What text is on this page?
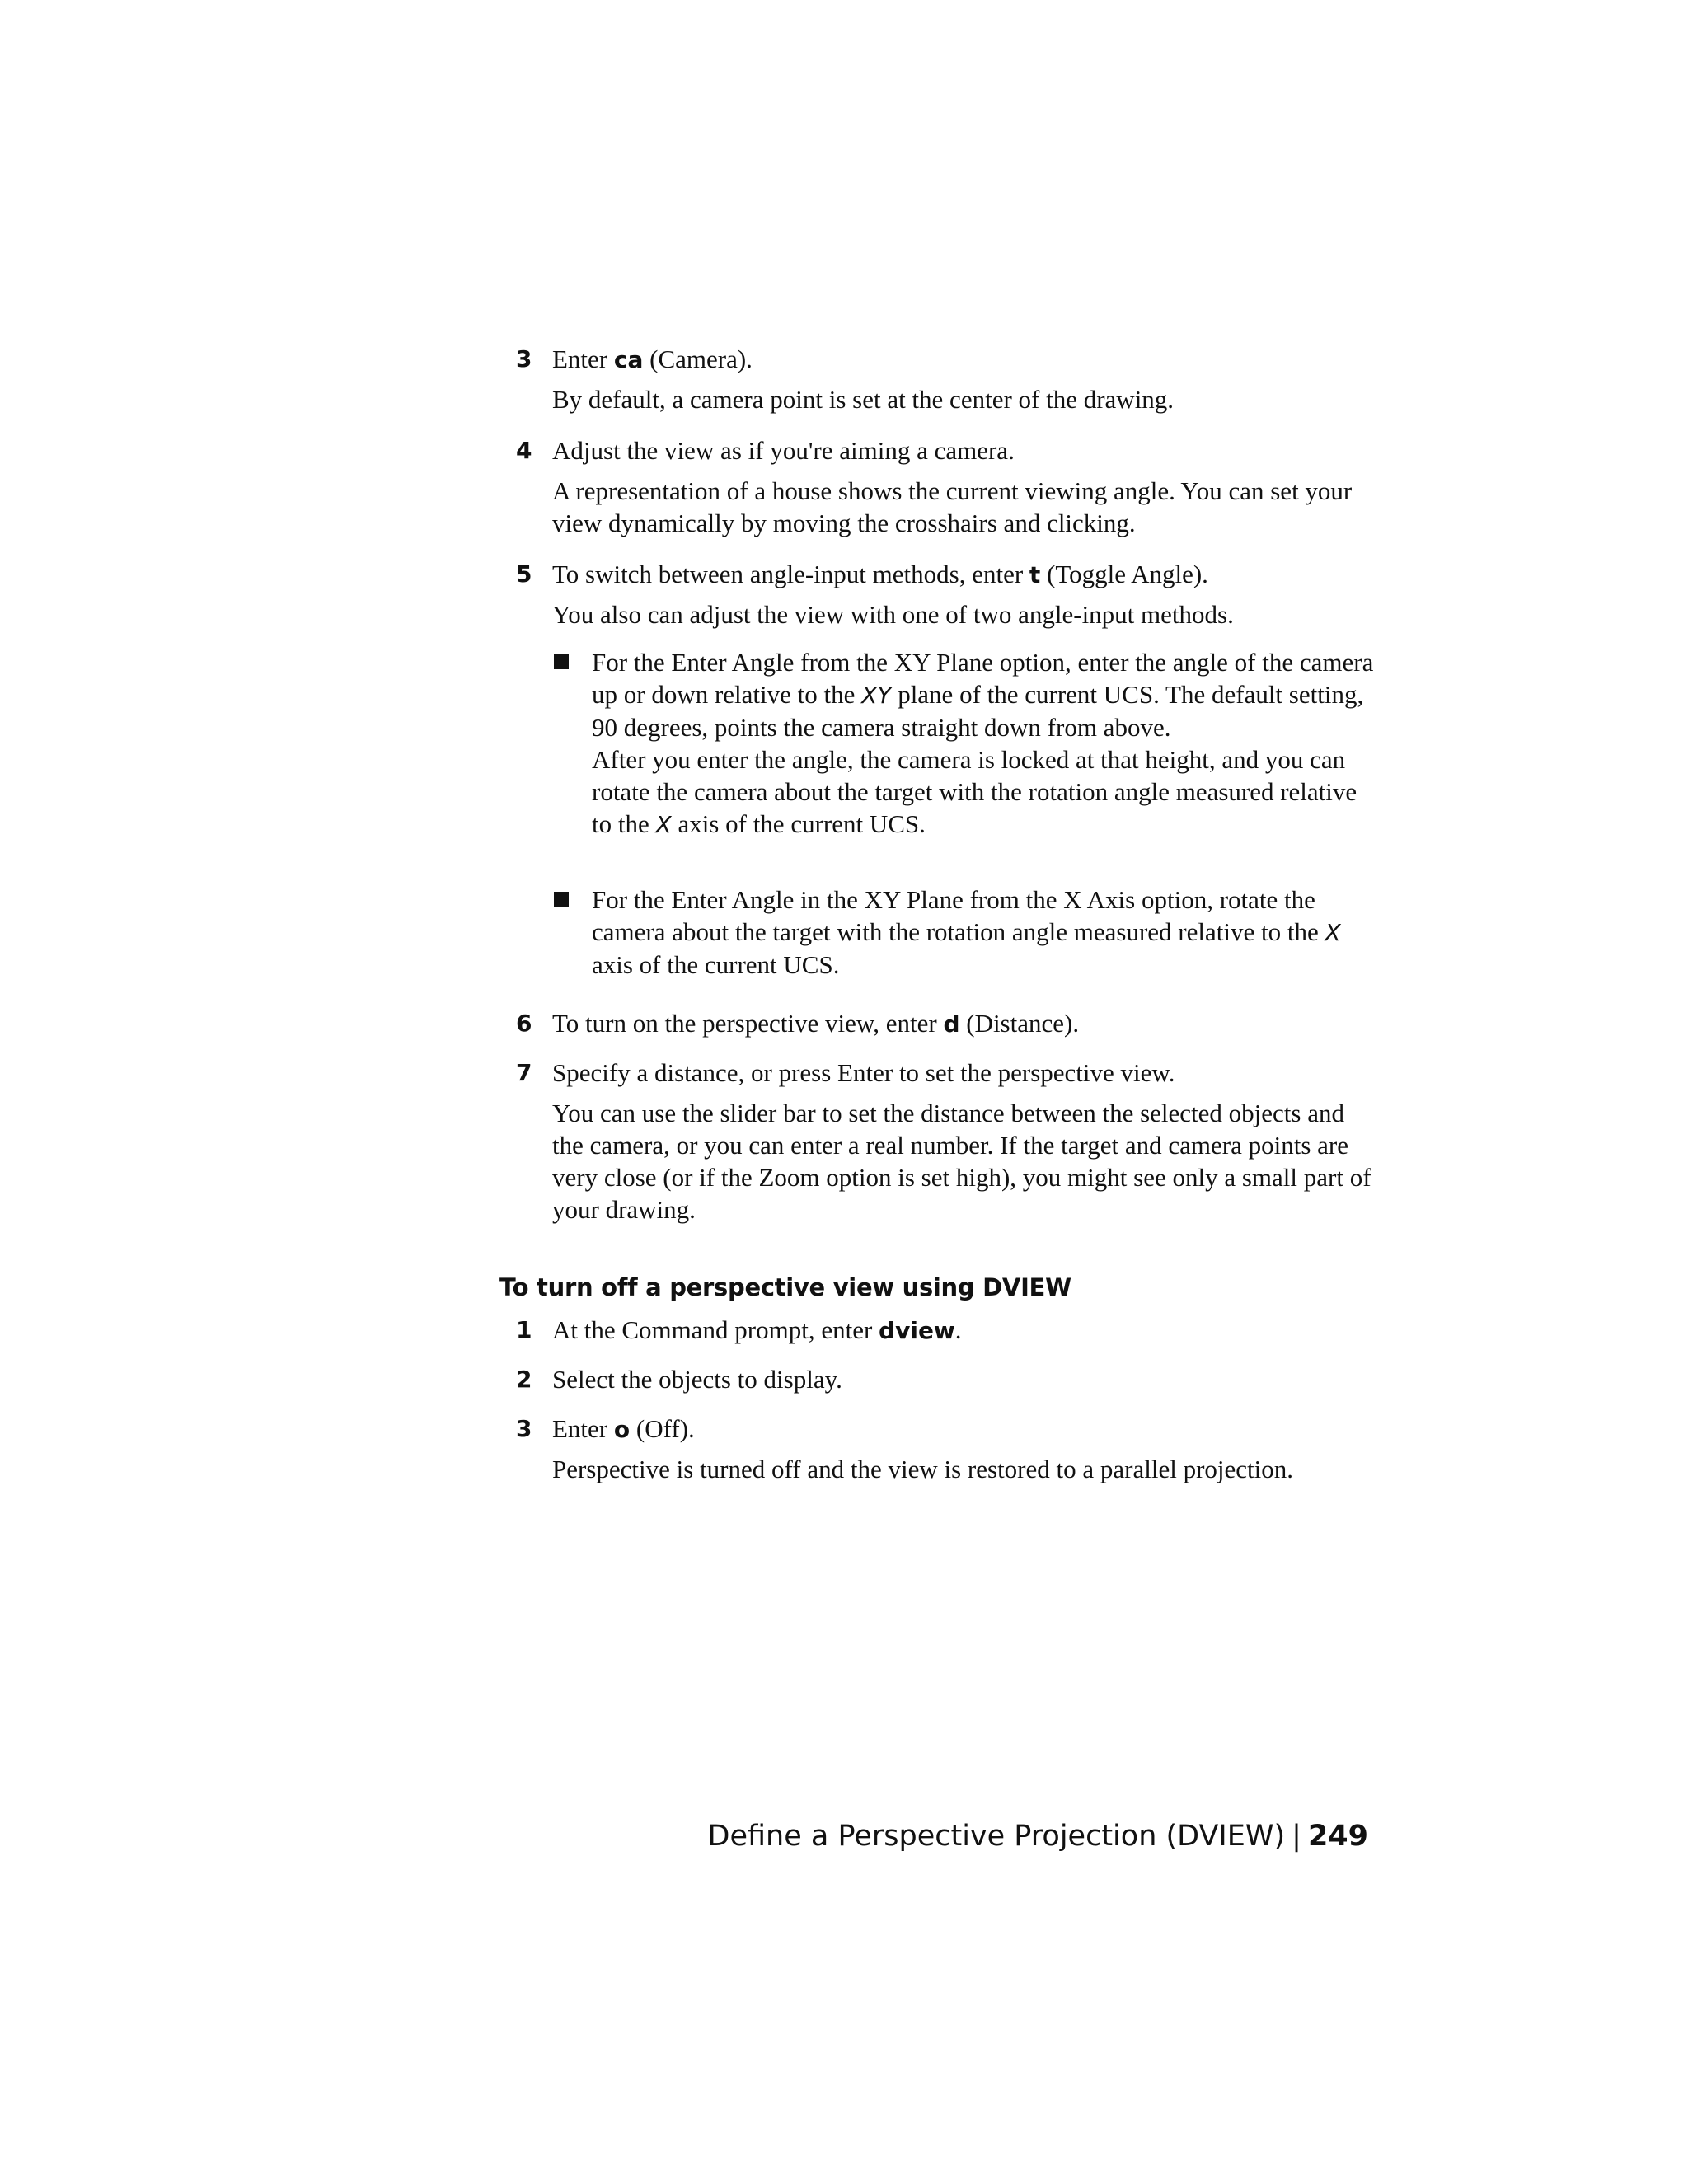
3 Enter ca (Camera).
By default, a camera point is set at the center of the drawing.
4 Adjust the view as if you're aiming a camera.
A representation of a house shows the current viewing angle. You can set your view dynamically by moving the crosshairs and clicking.
5 To switch between angle-input methods, enter t (Toggle Angle).
You also can adjust the view with one of two angle-input methods.
For the Enter Angle from the XY Plane option, enter the angle of the camera up or down relative to the XY plane of the current UCS. The default setting, 90 degrees, points the camera straight down from above.
After you enter the angle, the camera is locked at that height, and you can rotate the camera about the target with the rotation angle measured relative to the X axis of the current UCS.
For the Enter Angle in the XY Plane from the X Axis option, rotate the camera about the target with the rotation angle measured relative to the X axis of the current UCS.
6 To turn on the perspective view, enter d (Distance).
7 Specify a distance, or press Enter to set the perspective view.
You can use the slider bar to set the distance between the selected objects and the camera, or you can enter a real number. If the target and camera points are very close (or if the Zoom option is set high), you might see only a small part of your drawing.
To turn off a perspective view using DVIEW
1 At the Command prompt, enter dview.
2 Select the objects to display.
3 Enter o (Off).
Perspective is turned off and the view is restored to a parallel projection.
Define a Perspective Projection (DVIEW) | 249
